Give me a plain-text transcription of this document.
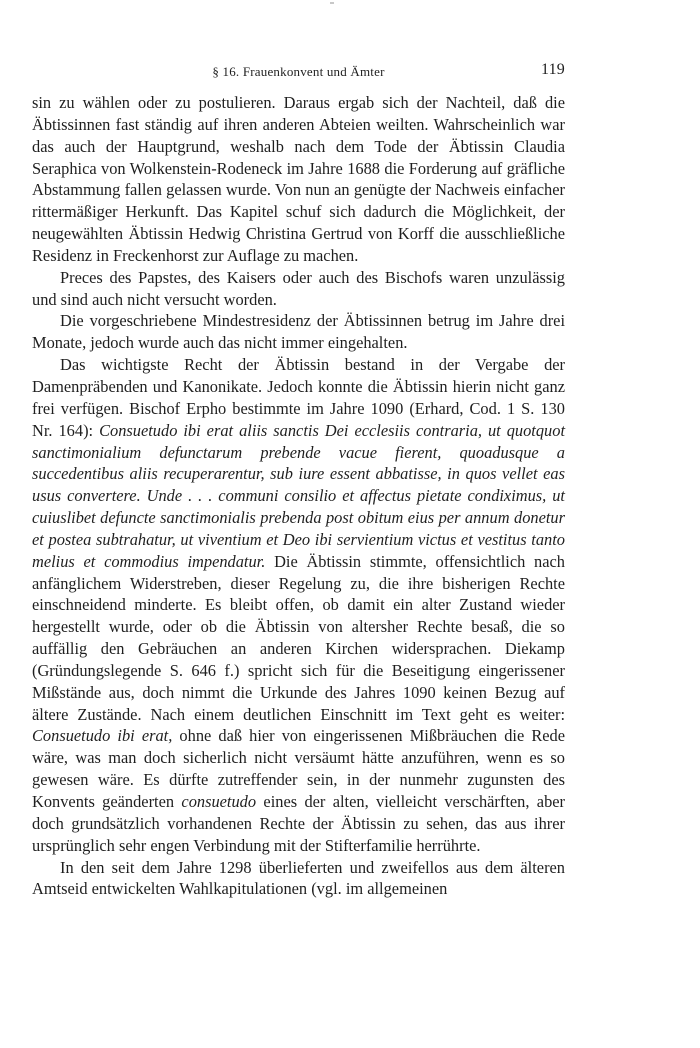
§ 16. Frauenkonvent und Ämter	119

sin zu wählen oder zu postulieren. Daraus ergab sich der Nachteil, daß die Äbtissinnen fast ständig auf ihren anderen Abteien weilten. Wahrscheinlich war das auch der Hauptgrund, weshalb nach dem Tode der Äbtissin Claudia Seraphica von Wolkenstein-Rodeneck im Jahre 1688 die Forderung auf gräfliche Abstammung fallen gelassen wurde. Von nun an genügte der Nachweis einfacher rittermäßiger Herkunft. Das Kapitel schuf sich dadurch die Möglichkeit, der neugewählten Äbtissin Hedwig Christina Gertrud von Korff die ausschließliche Residenz in Freckenhorst zur Auflage zu machen.

Preces des Papstes, des Kaisers oder auch des Bischofs waren unzulässig und sind auch nicht versucht worden.

Die vorgeschriebene Mindestresidenz der Äbtissinnen betrug im Jahre drei Monate, jedoch wurde auch das nicht immer eingehalten.

Das wichtigste Recht der Äbtissin bestand in der Vergabe der Damenpräbenden und Kanonikate. Jedoch konnte die Äbtissin hierin nicht ganz frei verfügen. Bischof Erpho bestimmte im Jahre 1090 (Erhard, Cod. 1 S. 130 Nr. 164): Consuetudo ibi erat aliis sanctis Dei ecclesiis contraria, ut quotquot sanctimonialium defunctarum prebende vacue fierent, quoadusque a succedentibus aliis recuperarentur, sub iure essent abbatisse, in quos vellet eas usus convertere. Unde . . . communi consilio et affectus pietate condiximus, ut cuiuslibet defuncte sanctimonialis prebenda post obitum eius per annum donetur et postea subtrahatur, ut viventium et Deo ibi servientium victus et vestitus tanto melius et commodius impendatur. Die Äbtissin stimmte, offensichtlich nach anfänglichem Widerstreben, dieser Regelung zu, die ihre bisherigen Rechte einschneidend minderte. Es bleibt offen, ob damit ein alter Zustand wieder hergestellt wurde, oder ob die Äbtissin von altersher Rechte besaß, die so auffällig den Gebräuchen an anderen Kirchen widersprachen. Diekamp (Gründungslegende S. 646 f.) spricht sich für die Beseitigung eingerissener Mißstände aus, doch nimmt die Urkunde des Jahres 1090 keinen Bezug auf ältere Zustände. Nach einem deutlichen Einschnitt im Text geht es weiter: Consuetudo ibi erat, ohne daß hier von eingerissenen Mißbräuchen die Rede wäre, was man doch sicherlich nicht versäumt hätte anzuführen, wenn es so gewesen wäre. Es dürfte zutreffender sein, in der nunmehr zugunsten des Konvents geänderten consuetudo eines der alten, vielleicht verschärften, aber doch grundsätzlich vorhandenen Rechte der Äbtissin zu sehen, das aus ihrer ursprünglich sehr engen Verbindung mit der Stifterfamilie herrührte.

In den seit dem Jahre 1298 überlieferten und zweifellos aus dem älteren Amtseid entwickelten Wahlkapitulationen (vgl. im allgemeinen
